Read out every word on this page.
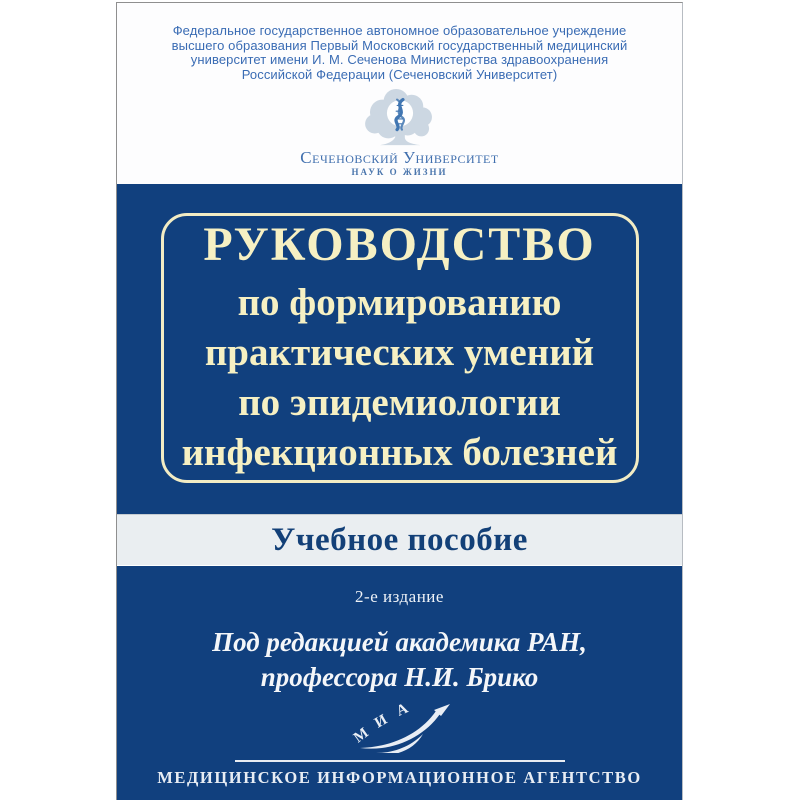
Федеральное государственное автономное образовательное учреждение
высшего образования Первый Московский государственный медицинский
университет имени И. М. Сеченова Министерства здравоохранения
Российской Федерации (Сеченовский Университет)
Сеченовский Университет
НАУК О ЖИЗНИ
РУКОВОДСТВО
по формированию
практических умений
по эпидемиологии
инфекционных болезней
Учебное пособие
2-е издание
Под редакцией академика РАН,
профессора Н.И. Брико
М
И
А
МЕДИЦИНСКОЕ ИНФОРМАЦИОННОЕ АГЕНТСТВО
